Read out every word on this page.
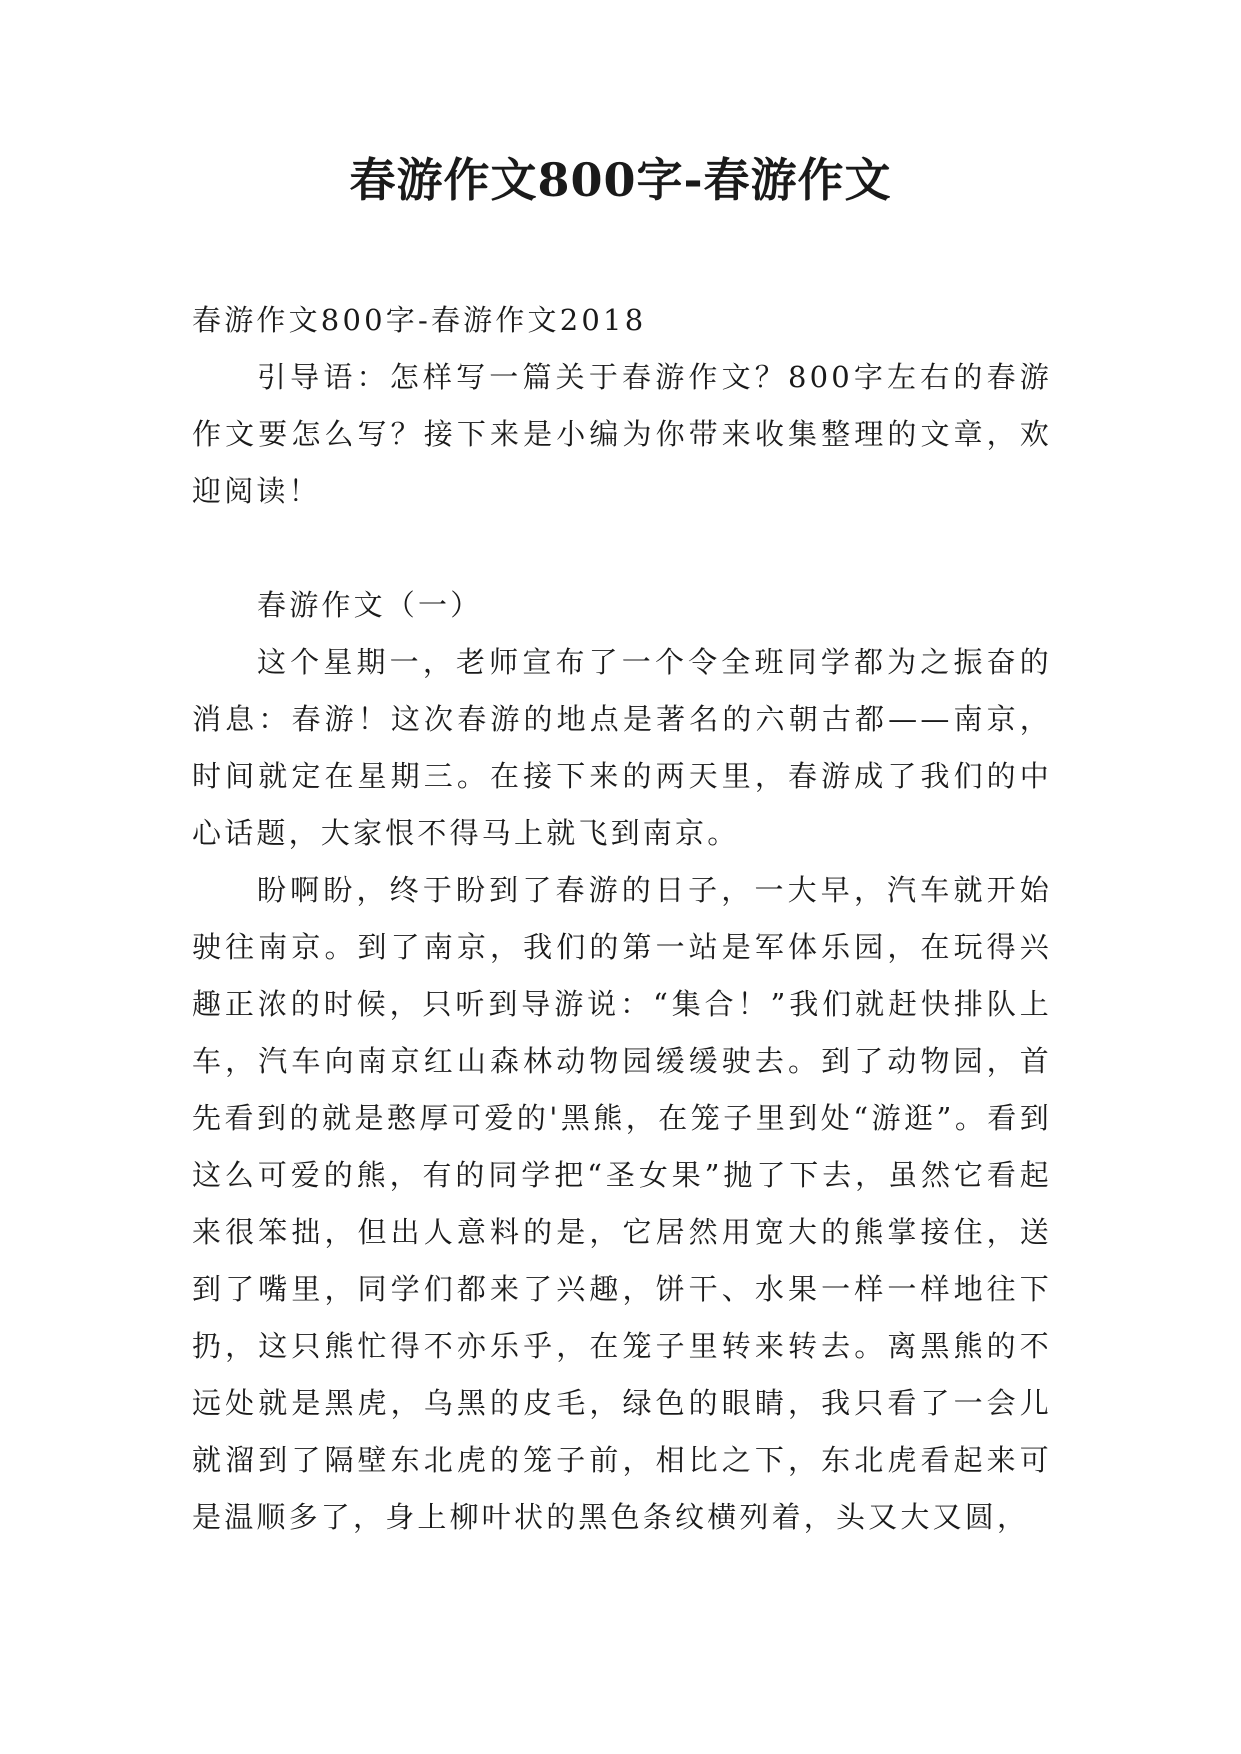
春游作文800字-春游作文

春游作文800字-春游作文2018

引导语：怎样写一篇关于春游作文？800字左右的春游作文要怎么写？接下来是小编为你带来收集整理的文章，欢迎阅读！

春游作文（一）

这个星期一，老师宣布了一个令全班同学都为之振奋的消息：春游！这次春游的地点是著名的六朝古都——南京，时间就定在星期三。在接下来的两天里，春游成了我们的中心话题，大家恨不得马上就飞到南京。

盼啊盼，终于盼到了春游的日子，一大早，汽车就开始驶往南京。到了南京，我们的第一站是军体乐园，在玩得兴趣正浓的时候，只听到导游说：“集合！”我们就赶快排队上车，汽车向南京红山森林动物园缓缓驶去。到了动物园，首先看到的就是憨厚可爱的'黑熊，在笼子里到处“游逛”。看到这么可爱的熊，有的同学把“圣女果”抛了下去，虽然它看起来很笨拙，但出人意料的是，它居然用宽大的熊掌接住，送到了嘴里，同学们都来了兴趣，饼干、水果一样一样地往下扔，这只熊忙得不亦乐乎，在笼子里转来转去。离黑熊的不远处就是黑虎，乌黑的皮毛，绿色的眼睛，我只看了一会儿就溜到了隔壁东北虎的笼子前，相比之下，东北虎看起来可是温顺多了，身上柳叶状的黑色条纹横列着，头又大又圆，
